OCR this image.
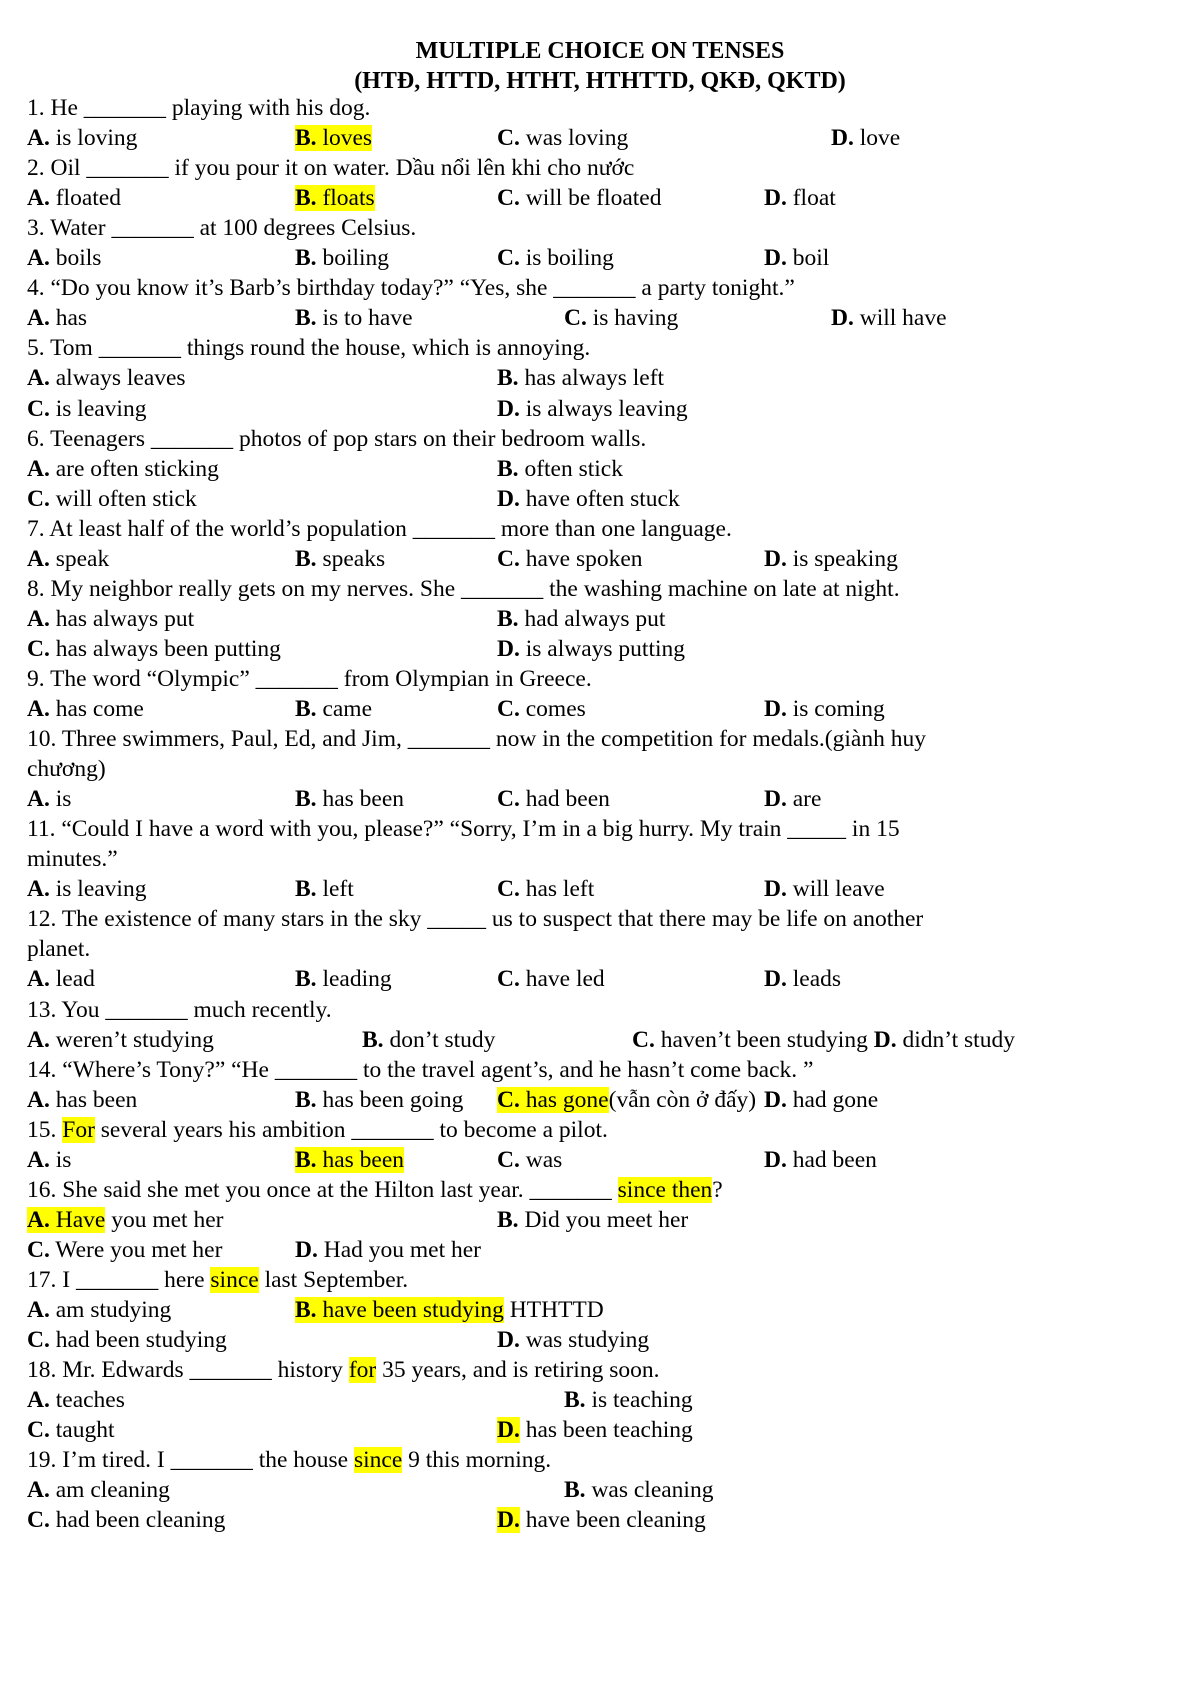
MULTIPLE CHOICE ON TENSES
(HTĐ, HTTD, HTHT, HTHTTD, QKĐ, QKTD)
1. He _______ playing with his dog.
A. is loving	B. loves	C. was loving	D. love
2. Oil _______ if you pour it on water. Dầu nổi lên khi cho nước
A. floated	B. floats	C. will be floated	D. float
3. Water _______ at 100 degrees Celsius.
A. boils	B. boiling	C. is boiling	D. boil
4. “Do you know it’s Barb’s birthday today?” “Yes, she _______ a party tonight.”
A. has	B. is to have	C. is having	D. will have
5. Tom _______ things round the house, which is annoying.
A. always leaves	B. has always left
C. is leaving	D. is always leaving
6. Teenagers _______ photos of pop stars on their bedroom walls.
A. are often sticking	B. often stick
C. will often stick	D. have often stuck
7. At least half of the world’s population _______ more than one language.
A. speak	B. speaks	C. have spoken	D. is speaking
8. My neighbor really gets on my nerves. She _______ the washing machine on late at night.
A. has always put	B. had always put
C. has always been putting	D. is always putting
9. The word “Olympic” _______ from Olympian in Greece.
A. has come	B. came	C. comes	D. is coming
10. Three swimmers, Paul, Ed, and Jim, _______ now in the competition for medals.(giành huy
chương)
A. is	B. has been	C. had been	D. are
11. “Could I have a word with you, please?” “Sorry, I’m in a big hurry. My train _____ in 15
minutes.”
A. is leaving	B. left	C. has left	D. will leave
12. The existence of many stars in the sky _____ us to suspect that there may be life on another
planet.
A. lead	B. leading	C. have led	D. leads
13. You _______ much recently.
A. weren’t studying	B. don’t study	C. haven’t been studying D. didn’t study
14. “Where’s Tony?” “He _______ to the travel agent’s, and he hasn’t come back. ”
A. has been	B. has been going C. has gone(vẫn còn ở đấy) D. had gone
15. For several years his ambition _______ to become a pilot.
A. is	B. has been	C. was	D. had been
16. She said she met you once at the Hilton last year. _______ since then?
A. Have you met her	B. Did you meet her
C. Were you met her	D. Had you met her
17. I _______ here since last September.
A. am studying	B. have been studying HTHTTD
C. had been studying	D. was studying
18. Mr. Edwards _______ history for 35 years, and is retiring soon.
A. teaches	B. is teaching
C. taught	D. has been teaching
19. I’m tired. I _______ the house since 9 this morning.
A. am cleaning	B. was cleaning
C. had been cleaning	D. have been cleaning
